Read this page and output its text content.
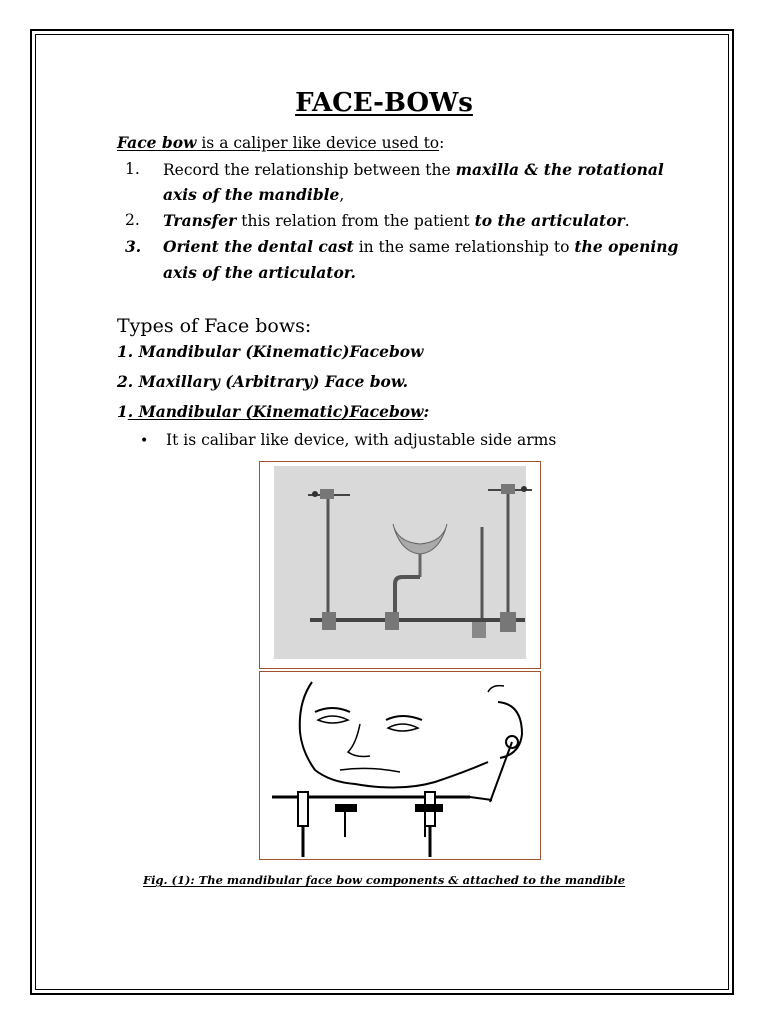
FACE-BOWs
Face bow is a caliper like device used to:
1. Record the relationship between the maxilla & the rotational
axis of the mandible,
2. Transfer this relation from the patient to the articulator.
3. Orient the dental cast in the same relationship to the opening
axis of the articulator.
Types of Face bows:
1. Mandibular (Kinematic)Facebow
2. Maxillary (Arbitrary) Face bow.
1. Mandibular (Kinematic)Facebow:
• It is calibar like device, with adjustable side arms
Fig. (1): The mandibular face bow components & attached to the mandible
